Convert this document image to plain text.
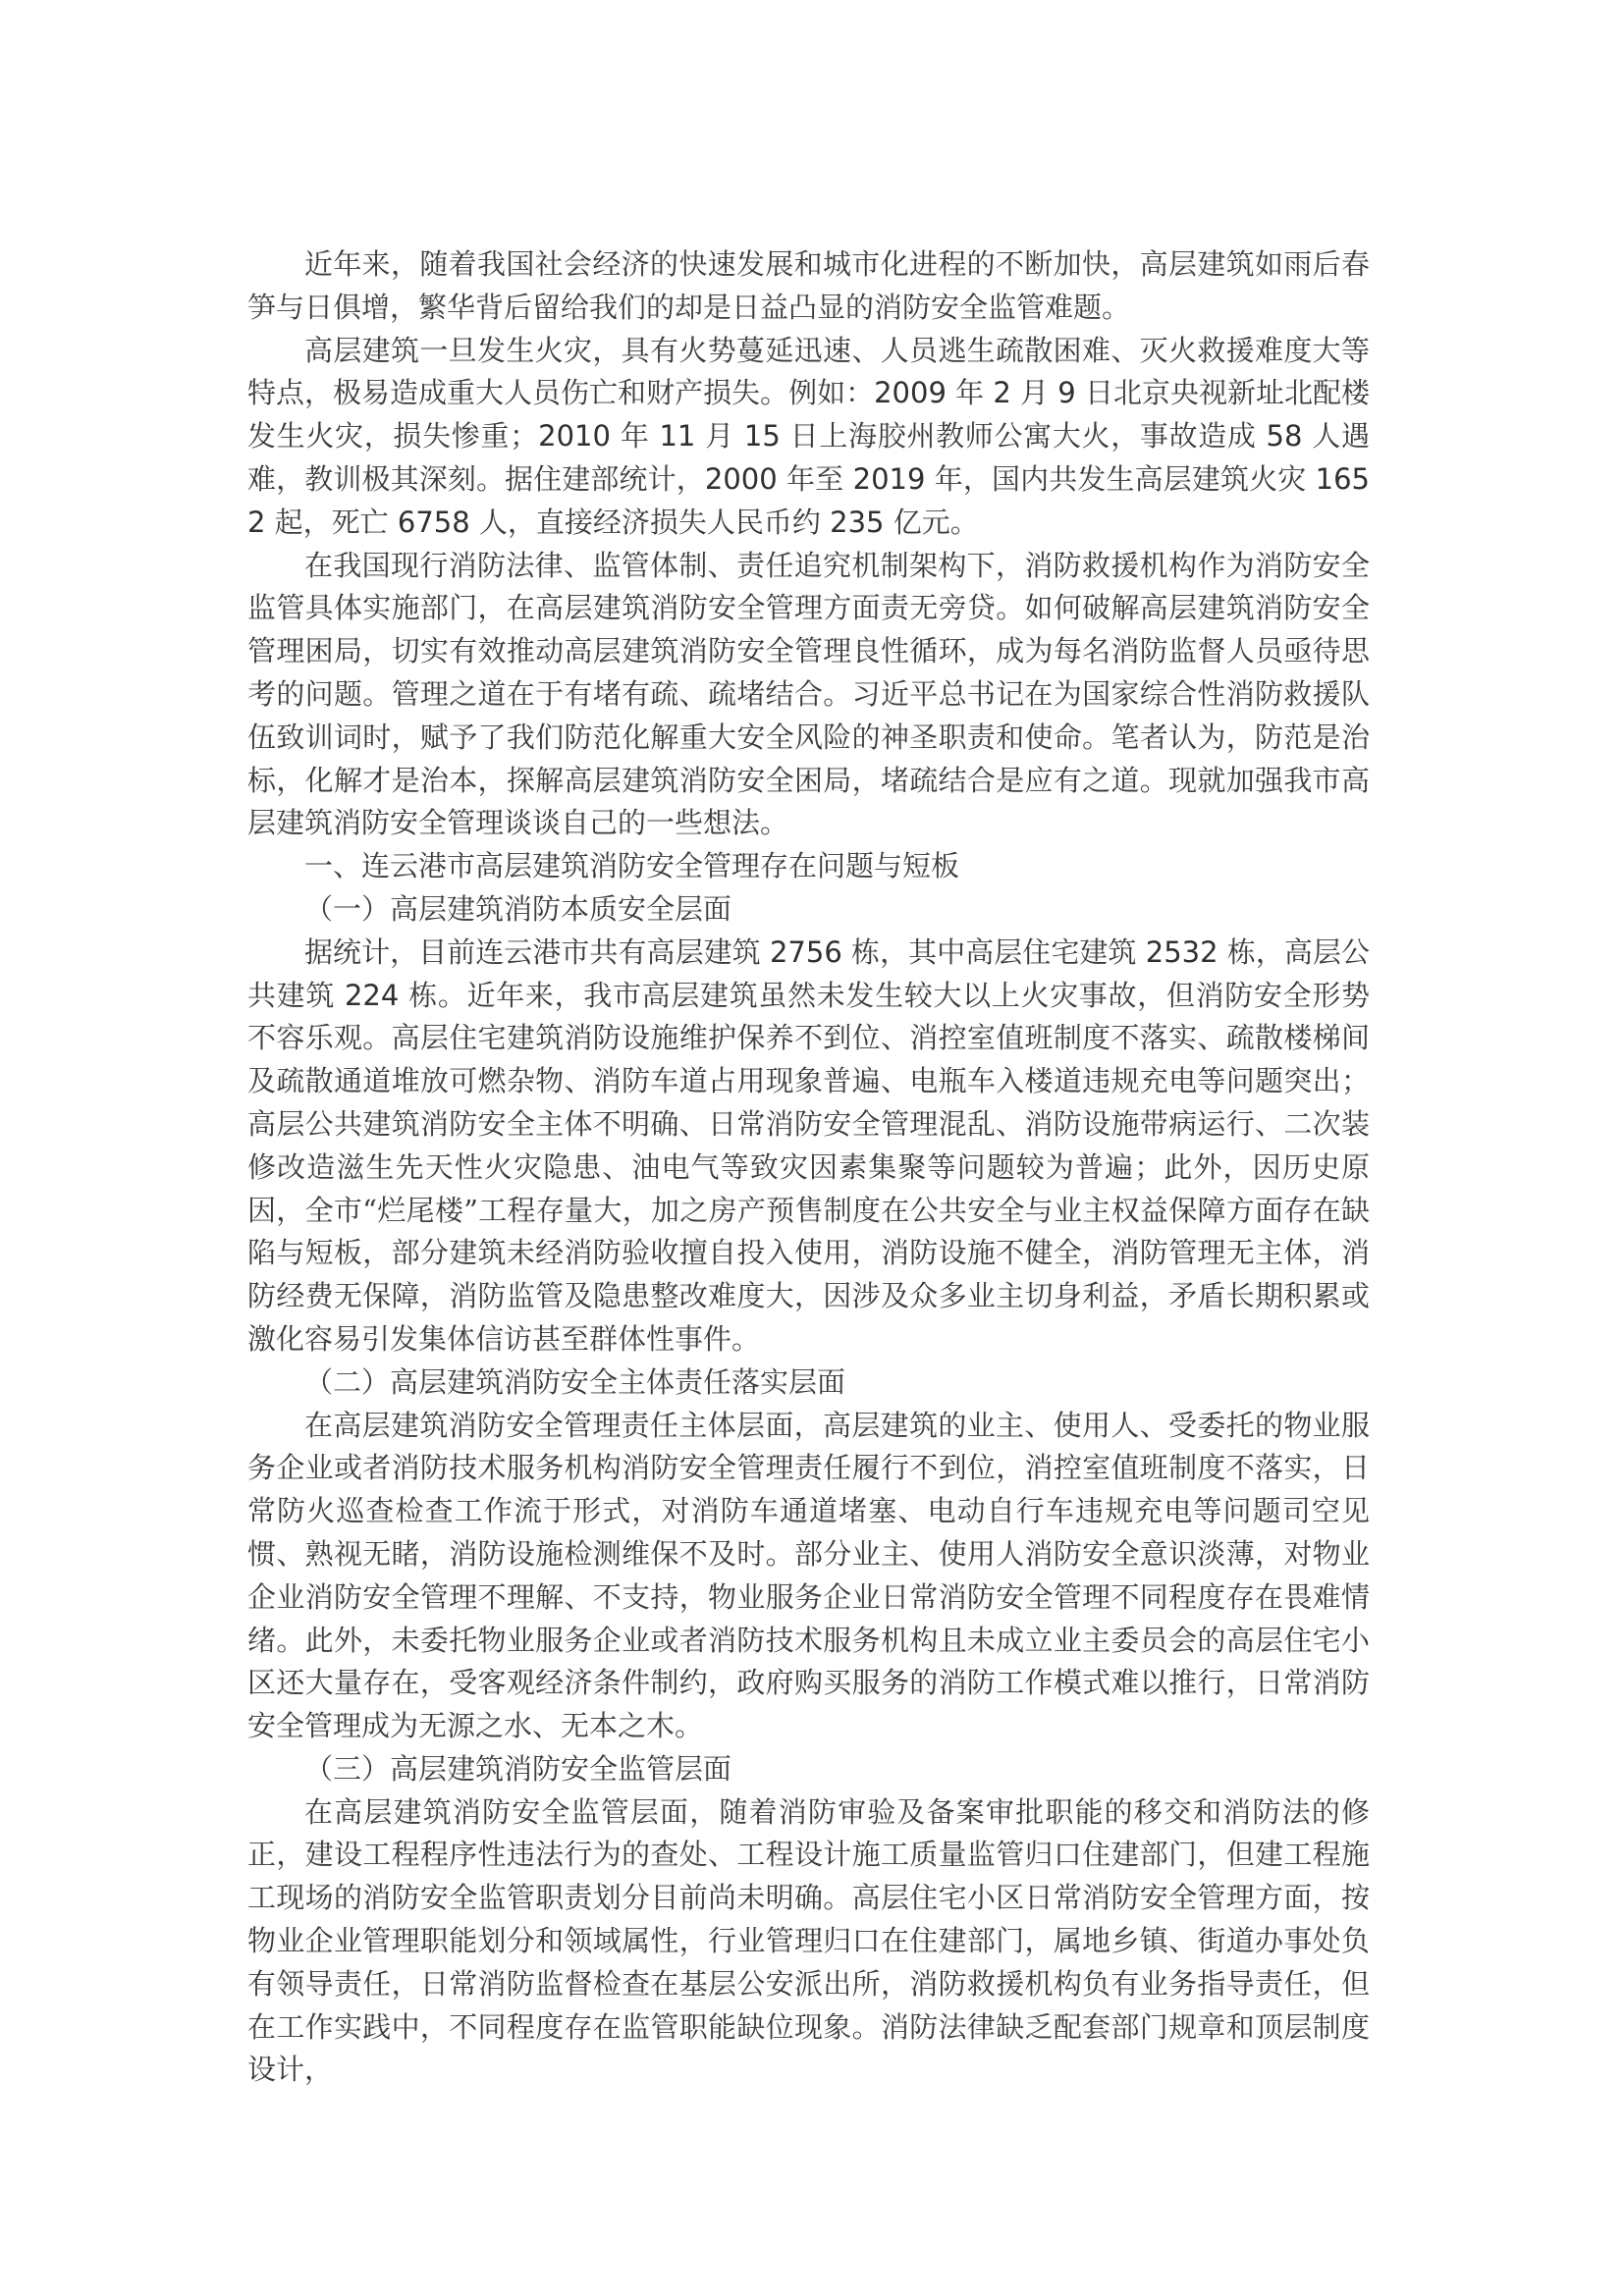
近年来，随着我国社会经济的快速发展和城市化进程的不断加快，高层建筑如雨后春笋与日俱增，繁华背后留给我们的却是日益凸显的消防安全监管难题。

高层建筑一旦发生火灾，具有火势蔓延迅速、人员逃生疏散困难、灭火救援难度大等特点，极易造成重大人员伤亡和财产损失。例如：2009 年 2 月 9 日北京央视新址北配楼发生火灾，损失惨重；2010 年 11 月 15 日上海胶州教师公寓大火，事故造成 58 人遇难，教训极其深刻。据住建部统计，2000 年至 2019 年，国内共发生高层建筑火灾 1652 起，死亡 6758 人，直接经济损失人民币约 235 亿元。

在我国现行消防法律、监管体制、责任追究机制架构下，消防救援机构作为消防安全监管具体实施部门，在高层建筑消防安全管理方面责无旁贷。如何破解高层建筑消防安全管理困局，切实有效推动高层建筑消防安全管理良性循环，成为每名消防监督人员亟待思考的问题。管理之道在于有堵有疏、疏堵结合。习近平总书记在为国家综合性消防救援队伍致训词时，赋予了我们防范化解重大安全风险的神圣职责和使命。笔者认为，防范是治标，化解才是治本，探解高层建筑消防安全困局，堵疏结合是应有之道。现就加强我市高层建筑消防安全管理谈谈自己的一些想法。

一、连云港市高层建筑消防安全管理存在问题与短板

（一）高层建筑消防本质安全层面

据统计，目前连云港市共有高层建筑 2756 栋，其中高层住宅建筑 2532 栋，高层公共建筑 224 栋。近年来，我市高层建筑虽然未发生较大以上火灾事故，但消防安全形势不容乐观。高层住宅建筑消防设施维护保养不到位、消控室值班制度不落实、疏散楼梯间及疏散通道堆放可燃杂物、消防车道占用现象普遍、电瓶车入楼道违规充电等问题突出；高层公共建筑消防安全主体不明确、日常消防安全管理混乱、消防设施带病运行、二次装修改造滋生先天性火灾隐患、油电气等致灾因素集聚等问题较为普遍；此外，因历史原因，全市“烂尾楼”工程存量大，加之房产预售制度在公共安全与业主权益保障方面存在缺陷与短板，部分建筑未经消防验收擅自投入使用，消防设施不健全，消防管理无主体，消防经费无保障，消防监管及隐患整改难度大，因涉及众多业主切身利益，矛盾长期积累或激化容易引发集体信访甚至群体性事件。

（二）高层建筑消防安全主体责任落实层面

在高层建筑消防安全管理责任主体层面，高层建筑的业主、使用人、受委托的物业服务企业或者消防技术服务机构消防安全管理责任履行不到位，消控室值班制度不落实，日常防火巡查检查工作流于形式，对消防车通道堵塞、电动自行车违规充电等问题司空见惯、熟视无睹，消防设施检测维保不及时。部分业主、使用人消防安全意识淡薄，对物业企业消防安全管理不理解、不支持，物业服务企业日常消防安全管理不同程度存在畏难情绪。此外，未委托物业服务企业或者消防技术服务机构且未成立业主委员会的高层住宅小区还大量存在，受客观经济条件制约，政府购买服务的消防工作模式难以推行，日常消防安全管理成为无源之水、无本之木。

（三）高层建筑消防安全监管层面

在高层建筑消防安全监管层面，随着消防审验及备案审批职能的移交和消防法的修正，建设工程程序性违法行为的查处、工程设计施工质量监管归口住建部门，但建工程施工现场的消防安全监管职责划分目前尚未明确。高层住宅小区日常消防安全管理方面，按物业企业管理职能划分和领域属性，行业管理归口在住建部门，属地乡镇、街道办事处负有领导责任，日常消防监督检查在基层公安派出所，消防救援机构负有业务指导责任，但在工作实践中，不同程度存在监管职能缺位现象。消防法律缺乏配套部门规章和顶层制度设计，
